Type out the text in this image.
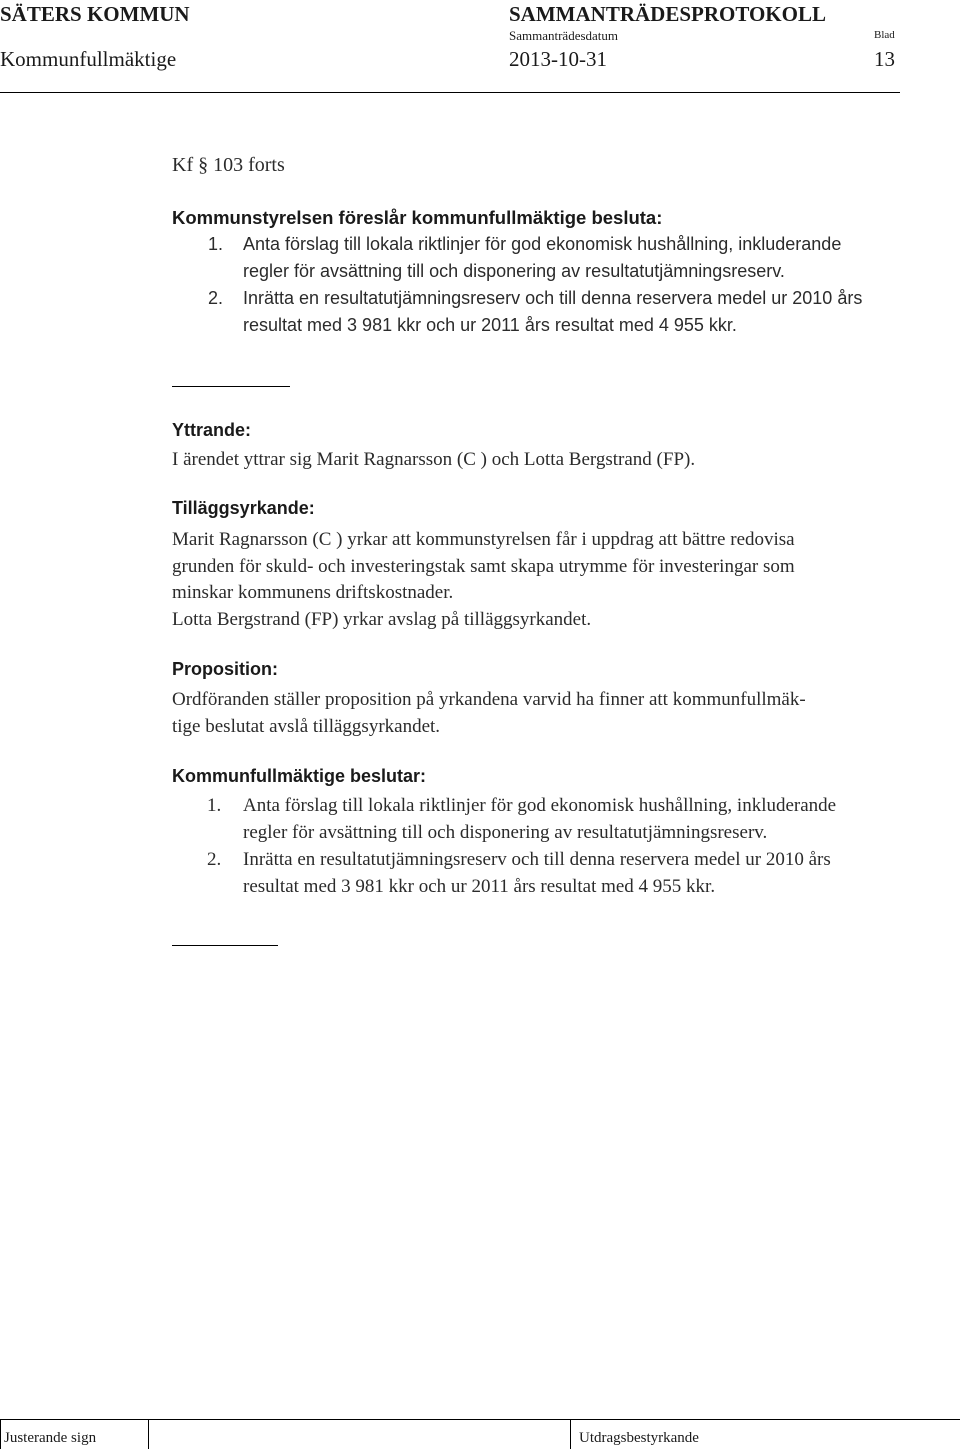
SÄTERS KOMMUN	SAMMANTRÄDESPROTOKOLL
Sammanträdesdatum	Blad
Kommunfullmäktige	2013-10-31	13
Kf § 103 forts
Kommunstyrelsen föreslår kommunfullmäktige besluta:
1. Anta förslag till lokala riktlinjer för god ekonomisk hushållning, inkluderande
regler för avsättning till och disponering av resultatutjämningsreserv.
2. Inrätta en resultatutjämningsreserv och till denna reservera medel ur 2010 års
resultat med 3 981 kkr och ur 2011 års resultat med 4 955 kkr.
Yttrande:
I ärendet yttrar sig Marit Ragnarsson (C ) och Lotta Bergstrand (FP).
Tilläggsyrkande:
Marit Ragnarsson (C ) yrkar att kommunstyrelsen får i uppdrag att bättre redovisa
grunden för skuld- och investeringstak samt skapa utrymme för investeringar som
minskar kommunens driftskostnader.
Lotta Bergstrand (FP) yrkar avslag på tilläggsyrkandet.
Proposition:
Ordföranden ställer proposition på yrkandena varvid ha finner att kommunfullmäk-
tige beslutat avslå tilläggsyrkandet.
Kommunfullmäktige beslutar:
1. Anta förslag till lokala riktlinjer för god ekonomisk hushållning, inkluderande
regler för avsättning till och disponering av resultatutjämningsreserv.
2. Inrätta en resultatutjämningsreserv och till denna reservera medel ur 2010 års
resultat med 3 981 kkr och ur 2011 års resultat med 4 955 kkr.
Justerande sign	Utdragsbestyrkande
